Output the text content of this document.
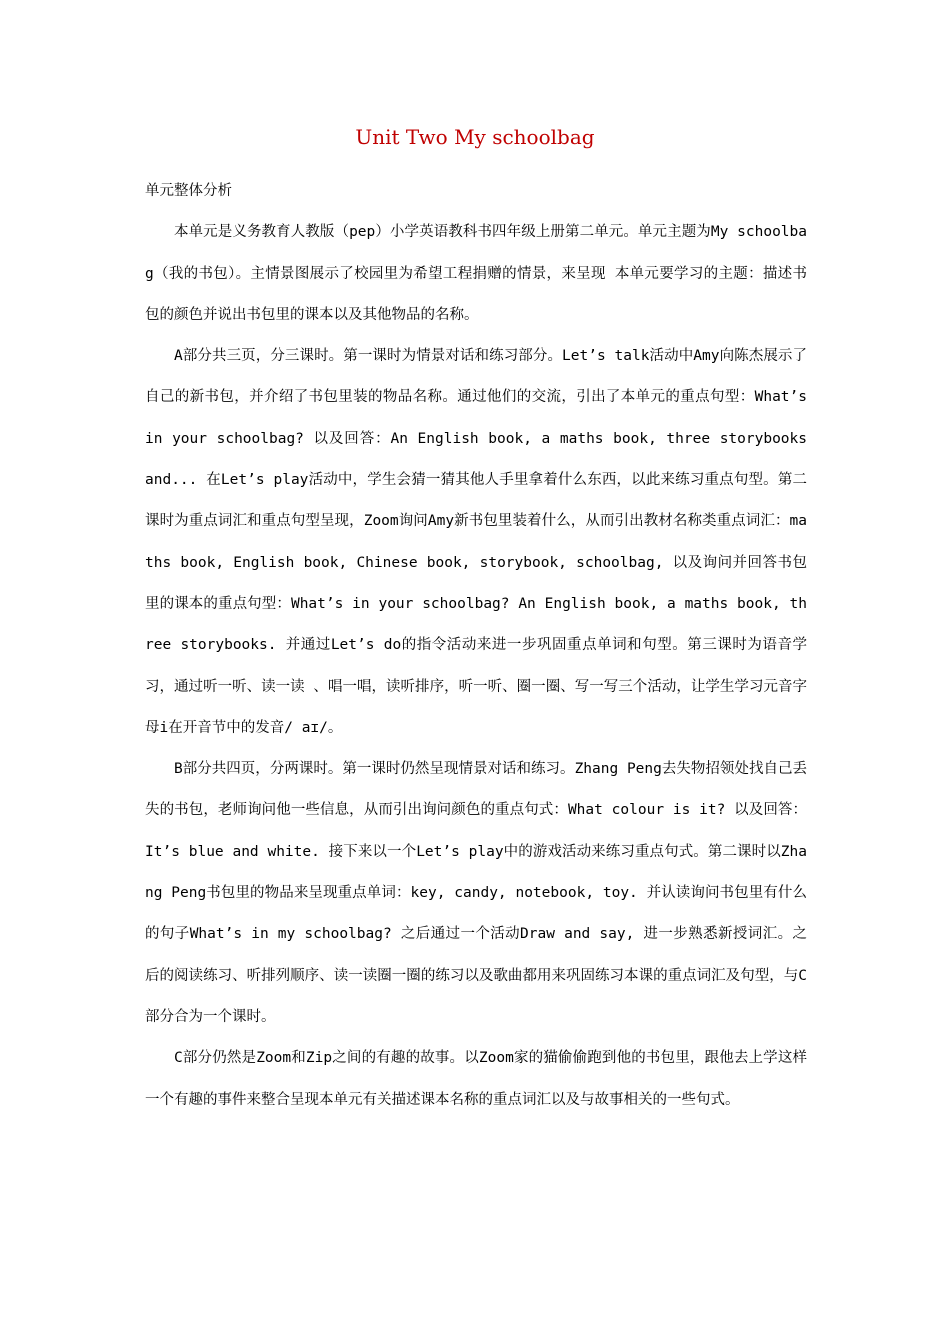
Unit Two My schoolbag

单元整体分析

本单元是义务教育人教版（pep）小学英语教科书四年级上册第二单元。单元主题为My schoolbag（我的书包）。主情景图展示了校园里为希望工程捐赠的情景，来呈现 本单元要学习的主题：描述书包的颜色并说出书包里的课本以及其他物品的名称。

A部分共三页，分三课时。第一课时为情景对话和练习部分。Let’s talk活动中Amy向陈杰展示了自己的新书包，并介绍了书包里装的物品名称。通过他们的交流，引出了本单元的重点句型：What’s in your schoolbag? 以及回答：An English book, a maths book, three storybooks and... 在Let’s play活动中，学生会猜一猜其他人手里拿着什么东西，以此来练习重点句型。第二课时为重点词汇和重点句型呈现，Zoom询问Amy新书包里装着什么，从而引出教材名称类重点词汇：maths book, English book, Chinese book, storybook, schoolbag, 以及询问并回答书包里的课本的重点句型：What’s in your schoolbag? An English book, a maths book, three storybooks. 并通过Let’s do的指令活动来进一步巩固重点单词和句型。第三课时为语音学习，通过听一听、读一读 、唱一唱，读听排序，听一听、圈一圈、写一写三个活动，让学生学习元音字母i在开音节中的发音/ aɪ/。

B部分共四页，分两课时。第一课时仍然呈现情景对话和练习。Zhang Peng去失物招领处找自己丢失的书包，老师询问他一些信息，从而引出询问颜色的重点句式：What colour is it? 以及回答：It’s blue and white. 接下来以一个Let’s play中的游戏活动来练习重点句式。第二课时以Zhang Peng书包里的物品来呈现重点单词：key, candy, notebook, toy. 并认读询问书包里有什么的句子What’s in my schoolbag? 之后通过一个活动Draw and say, 进一步熟悉新授词汇。之后的阅读练习、听排列顺序、读一读圈一圈的练习以及歌曲都用来巩固练习本课的重点词汇及句型，与C部分合为一个课时。

C部分仍然是Zoom和Zip之间的有趣的故事。以Zoom家的猫偷偷跑到他的书包里，跟他去上学这样一个有趣的事件来整合呈现本单元有关描述课本名称的重点词汇以及与故事相关的一些句式。
